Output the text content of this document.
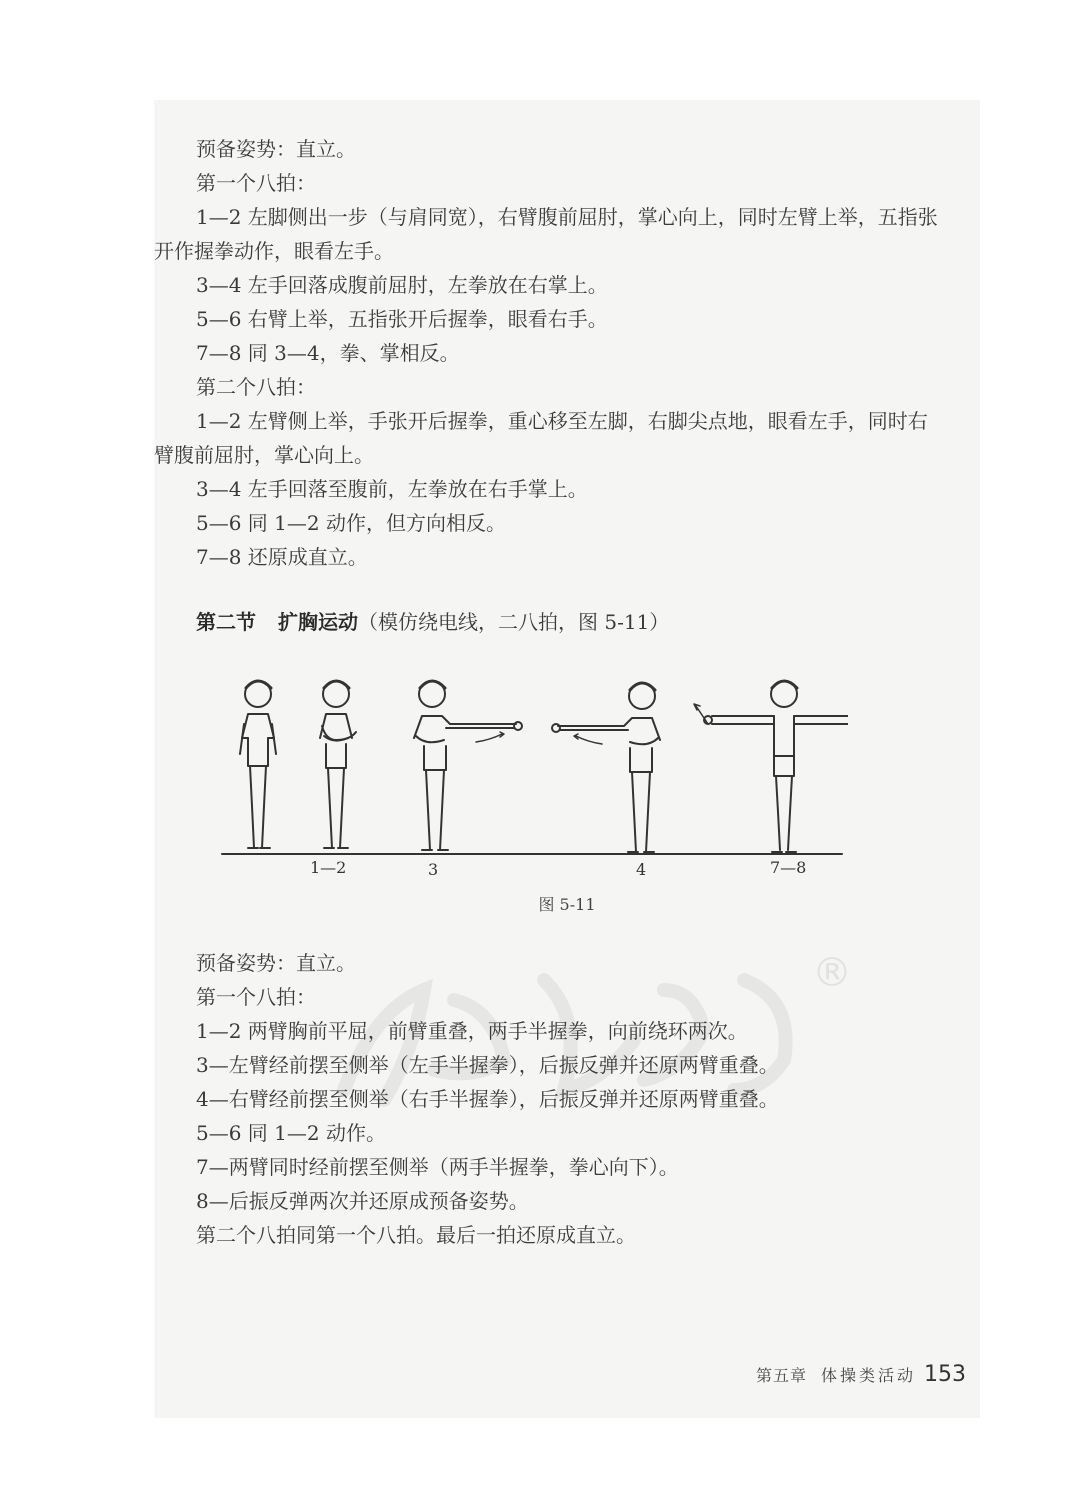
预备姿势：直立。

第一个八拍：

1—2 左脚侧出一步（与肩同宽），右臂腹前屈肘，掌心向上，同时左臂上举，五指张

开作握拳动作，眼看左手。

3—4 左手回落成腹前屈肘，左拳放在右掌上。

5—6 右臂上举，五指张开后握拳，眼看右手。

7—8 同 3—4，拳、掌相反。

第二个八拍：

1—2 左臂侧上举，手张开后握拳，重心移至左脚，右脚尖点地，眼看左手，同时右

臂腹前屈肘，掌心向上。

3—4 左手回落至腹前，左拳放在右手掌上。

5—6 同 1—2 动作，但方向相反。

7—8 还原成直立。

第二节 扩胸运动（模仿绕电线，二八拍，图 5-11）
1—2	3	4	7—8
图 5-11
®

预备姿势：直立。

第一个八拍：

1—2 两臂胸前平屈，前臂重叠，两手半握拳，向前绕环两次。

3—左臂经前摆至侧举（左手半握拳），后振反弹并还原两臂重叠。

4—右臂经前摆至侧举（右手半握拳），后振反弹并还原两臂重叠。

5—6 同 1—2 动作。

7—两臂同时经前摆至侧举（两手半握拳，拳心向下）。

8—后振反弹两次并还原成预备姿势。

第二个八拍同第一个八拍。最后一拍还原成直立。

第五章 体操类活动 153
